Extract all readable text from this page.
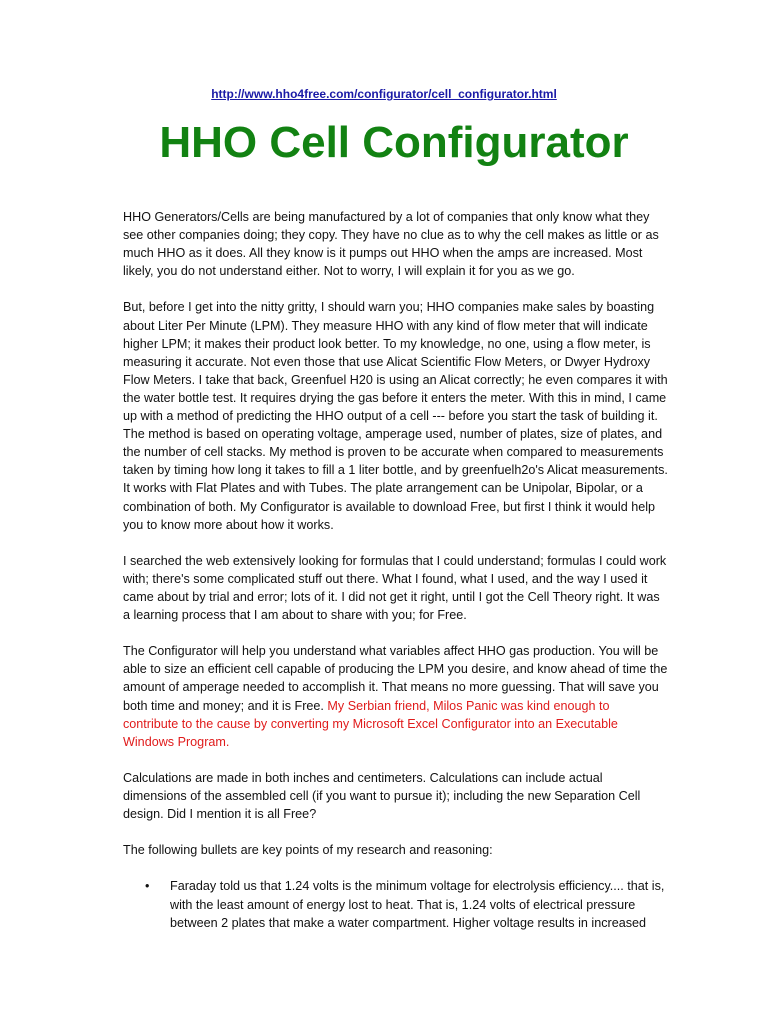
http://www.hho4free.com/configurator/cell_configurator.html
HHO Cell Configurator

HHO Generators/Cells are being manufactured by a lot of companies that only know what they see other companies doing; they copy. They have no clue as to why the cell makes as little or as much HHO as it does. All they know is it pumps out HHO when the amps are increased. Most likely, you do not understand either. Not to worry, I will explain it for you as we go.

But, before I get into the nitty gritty, I should warn you; HHO companies make sales by boasting about Liter Per Minute (LPM). They measure HHO with any kind of flow meter that will indicate higher LPM; it makes their product look better. To my knowledge, no one, using a flow meter, is measuring it accurate. Not even those that use Alicat Scientific Flow Meters, or Dwyer Hydroxy Flow Meters. I take that back, Greenfuel H20 is using an Alicat correctly; he even compares it with the water bottle test. It requires drying the gas before it enters the meter. With this in mind, I came up with a method of predicting the HHO output of a cell --- before you start the task of building it. The method is based on operating voltage, amperage used, number of plates, size of plates, and the number of cell stacks. My method is proven to be accurate when compared to measurements taken by timing how long it takes to fill a 1 liter bottle, and by greenfuelh2o's Alicat measurements. It works with Flat Plates and with Tubes. The plate arrangement can be Unipolar, Bipolar, or a combination of both. My Configurator is available to download Free, but first I think it would help you to know more about how it works.

I searched the web extensively looking for formulas that I could understand; formulas I could work with; there's some complicated stuff out there. What I found, what I used, and the way I used it came about by trial and error; lots of it. I did not get it right, until I got the Cell Theory right. It was a learning process that I am about to share with you; for Free.

The Configurator will help you understand what variables affect HHO gas production. You will be able to size an efficient cell capable of producing the LPM you desire, and know ahead of time the amount of amperage needed to accomplish it. That means no more guessing. That will save you both time and money; and it is Free. My Serbian friend, Milos Panic was kind enough to contribute to the cause by converting my Microsoft Excel Configurator into an Executable Windows Program.

Calculations are made in both inches and centimeters. Calculations can include actual dimensions of the assembled cell (if you want to pursue it); including the new Separation Cell design. Did I mention it is all Free?

The following bullets are key points of my research and reasoning:

• Faraday told us that 1.24 volts is the minimum voltage for electrolysis efficiency.... that is, with the least amount of energy lost to heat. That is, 1.24 volts of electrical pressure between 2 plates that make a water compartment. Higher voltage results in increased
